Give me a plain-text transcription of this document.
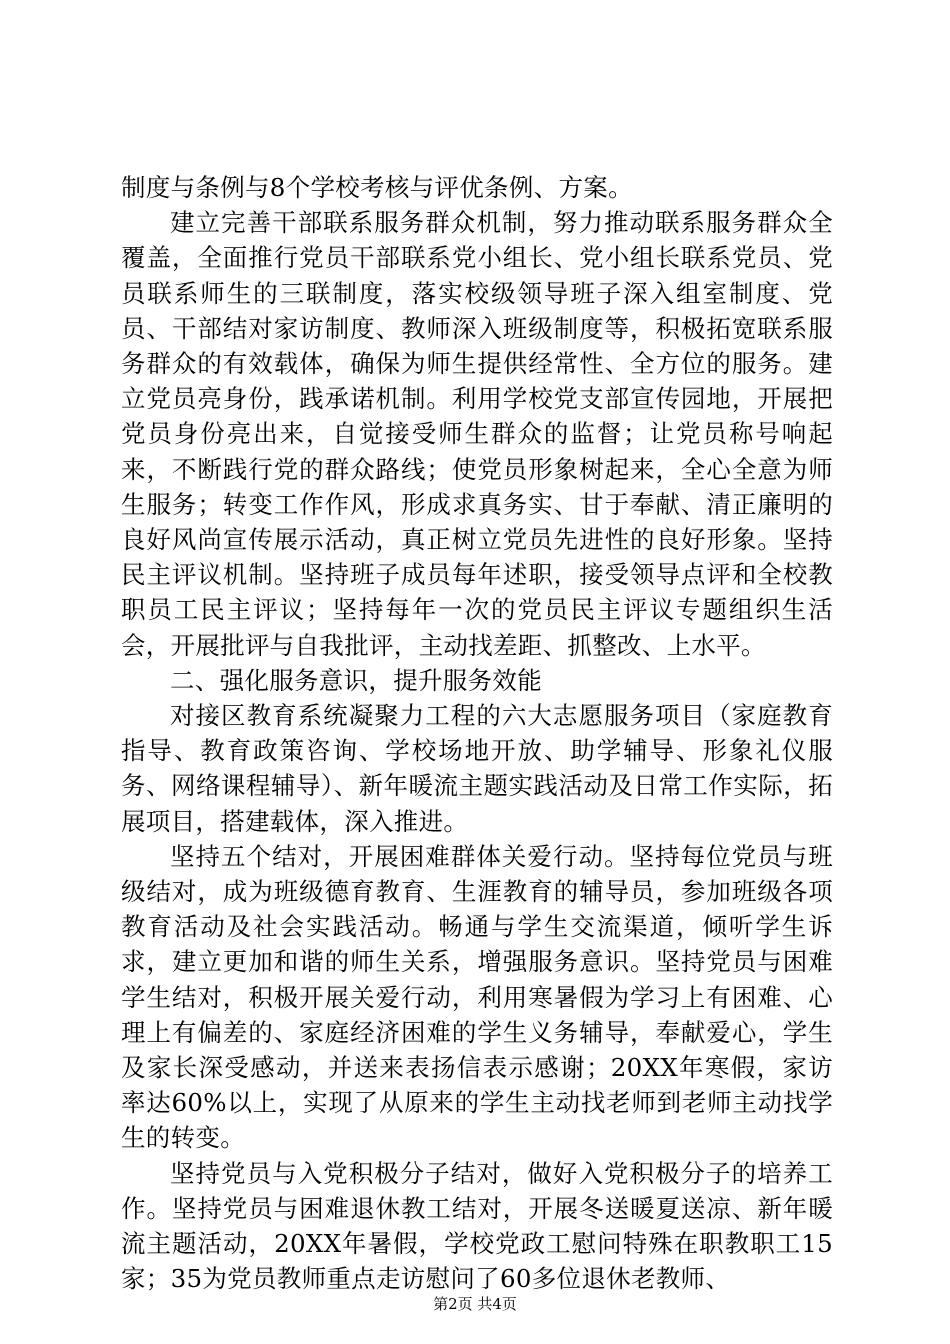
制度与条例与8个学校考核与评优条例、方案。

建立完善干部联系服务群众机制，努力推动联系服务群众全覆盖，全面推行党员干部联系党小组长、党小组长联系党员、党员联系师生的三联制度，落实校级领导班子深入组室制度、党员、干部结对家访制度、教师深入班级制度等，积极拓宽联系服务群众的有效载体，确保为师生提供经常性、全方位的服务。建立党员亮身份，践承诺机制。利用学校党支部宣传园地，开展把党员身份亮出来，自觉接受师生群众的监督；让党员称号响起来，不断践行党的群众路线；使党员形象树起来，全心全意为师生服务；转变工作作风，形成求真务实、甘于奉献、清正廉明的良好风尚宣传展示活动，真正树立党员先进性的良好形象。坚持民主评议机制。坚持班子成员每年述职，接受领导点评和全校教职员工民主评议；坚持每年一次的党员民主评议专题组织生活会，开展批评与自我批评，主动找差距、抓整改、上水平。

二、强化服务意识，提升服务效能

对接区教育系统凝聚力工程的六大志愿服务项目（家庭教育指导、教育政策咨询、学校场地开放、助学辅导、形象礼仪服务、网络课程辅导）、新年暖流主题实践活动及日常工作实际，拓展项目，搭建载体，深入推进。

坚持五个结对，开展困难群体关爱行动。坚持每位党员与班级结对，成为班级德育教育、生涯教育的辅导员，参加班级各项教育活动及社会实践活动。畅通与学生交流渠道，倾听学生诉求，建立更加和谐的师生关系，增强服务意识。坚持党员与困难学生结对，积极开展关爱行动，利用寒暑假为学习上有困难、心理上有偏差的、家庭经济困难的学生义务辅导，奉献爱心，学生及家长深受感动，并送来表扬信表示感谢；20XX年寒假，家访率达60%以上，实现了从原来的学生主动找老师到老师主动找学生的转变。

坚持党员与入党积极分子结对，做好入党积极分子的培养工作。坚持党员与困难退休教工结对，开展冬送暖夏送凉、新年暖流主题活动，20XX年暑假，学校党政工慰问特殊在职教职工15家；35为党员教师重点走访慰问了60多位退休老教师、

第2页 共4页
